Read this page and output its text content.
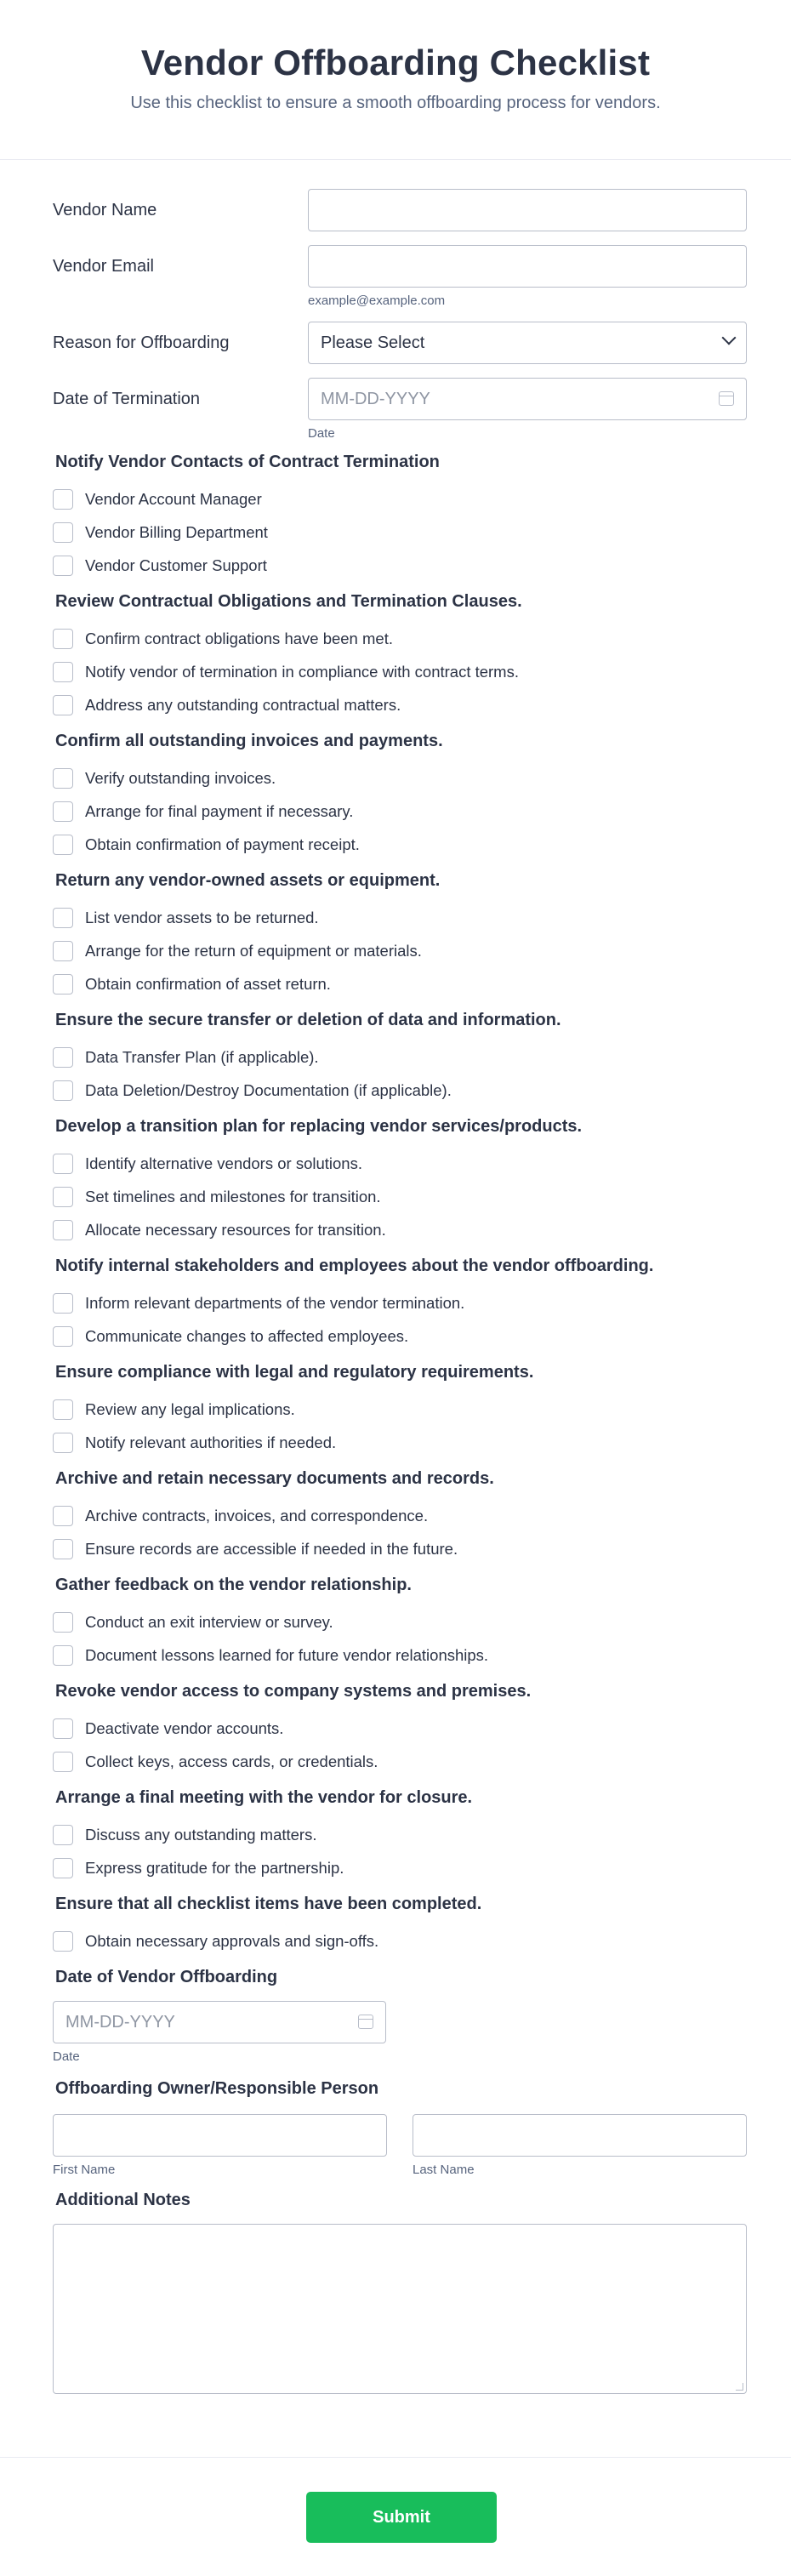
Vendor Offboarding Checklist

Use this checklist to ensure a smooth offboarding process for vendors.

Vendor Name
Vendor Email
example@example.com
Reason for Offboarding	Please Select
Date of Termination	MM-DD-YYYY
Date
Notify Vendor Contacts of Contract Termination
Vendor Account Manager
Vendor Billing Department
Vendor Customer Support
Review Contractual Obligations and Termination Clauses.
Confirm contract obligations have been met.
Notify vendor of termination in compliance with contract terms.
Address any outstanding contractual matters.
Confirm all outstanding invoices and payments.
Verify outstanding invoices.
Arrange for final payment if necessary.
Obtain confirmation of payment receipt.
Return any vendor-owned assets or equipment.
List vendor assets to be returned.
Arrange for the return of equipment or materials.
Obtain confirmation of asset return.
Ensure the secure transfer or deletion of data and information.
Data Transfer Plan (if applicable).
Data Deletion/Destroy Documentation (if applicable).
Develop a transition plan for replacing vendor services/products.
Identify alternative vendors or solutions.
Set timelines and milestones for transition.
Allocate necessary resources for transition.
Notify internal stakeholders and employees about the vendor offboarding.
Inform relevant departments of the vendor termination.
Communicate changes to affected employees.
Ensure compliance with legal and regulatory requirements.
Review any legal implications.
Notify relevant authorities if needed.
Archive and retain necessary documents and records.
Archive contracts, invoices, and correspondence.
Ensure records are accessible if needed in the future.
Gather feedback on the vendor relationship.
Conduct an exit interview or survey.
Document lessons learned for future vendor relationships.
Revoke vendor access to company systems and premises.
Deactivate vendor accounts.
Collect keys, access cards, or credentials.
Arrange a final meeting with the vendor for closure.
Discuss any outstanding matters.
Express gratitude for the partnership.
Ensure that all checklist items have been completed.
Obtain necessary approvals and sign-offs.
Date of Vendor Offboarding
MM-DD-YYYY
Date
Offboarding Owner/Responsible Person
First Name	Last Name
Additional Notes
Submit
